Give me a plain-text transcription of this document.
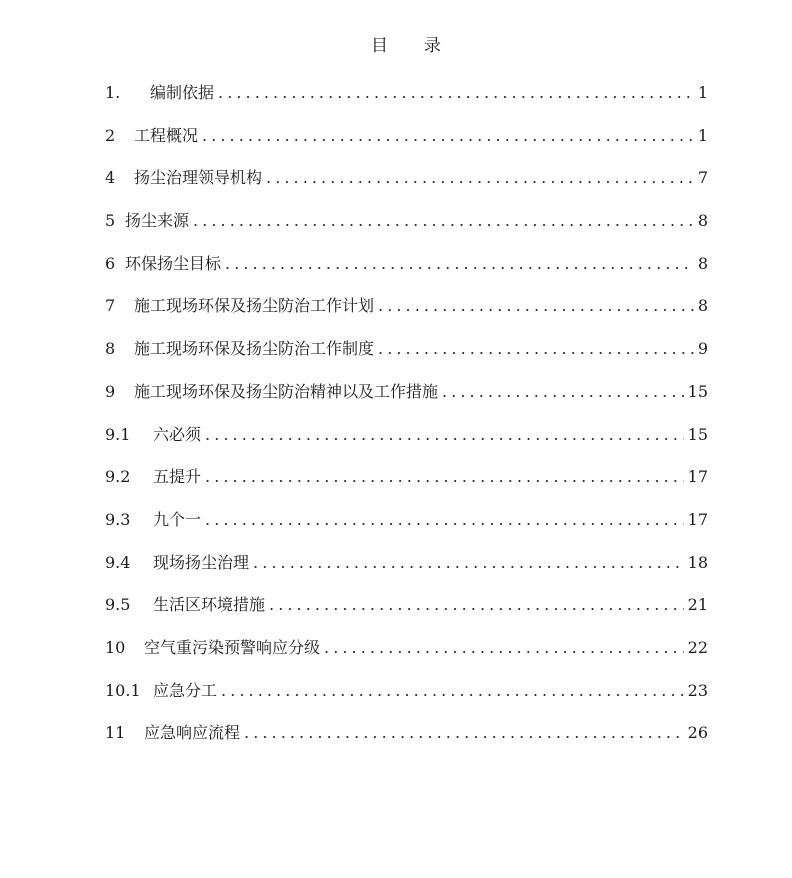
目 录
1.	编制依据 . . .	1
2	工程概况 . . .	1
4	扬尘治理领导机构 . . .	7
5 扬尘来源 . . .	8
6 环保扬尘目标 . . .	8
7	施工现场环保及扬尘防治工作计划 . . .	8
8	施工现场环保及扬尘防治工作制度 . . .	9
9	施工现场环保及扬尘防治精神以及工作措施 . . .	15
9.1	六必须 . . .	15
9.2	五提升 . . .	17
9.3	九个一 . . .	17
9.4	现场扬尘治理 . . .	18
9.5	生活区环境措施 . . .	21
10	空气重污染预警响应分级 . . .	22
10.1 应急分工 . . .	23
11	应急响应流程 . . .	26
